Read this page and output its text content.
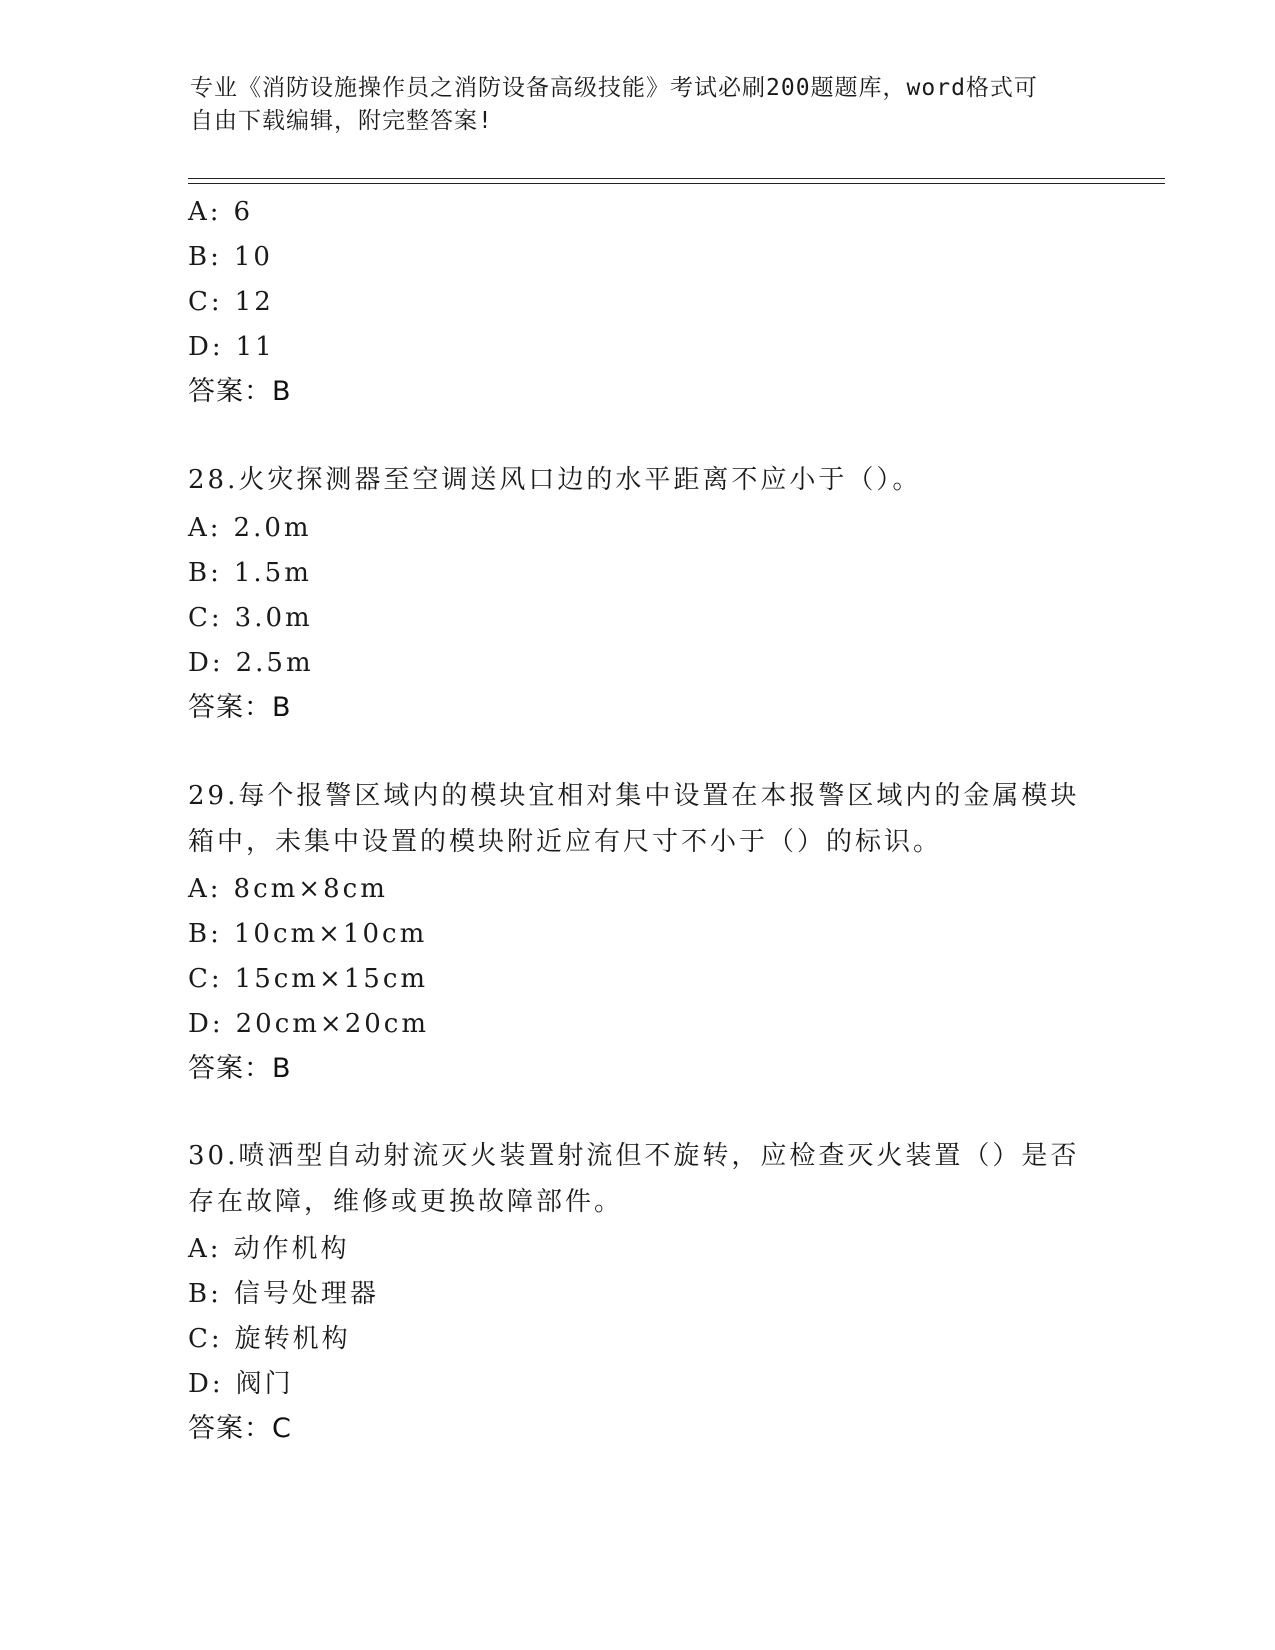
专业《消防设施操作员之消防设备高级技能》考试必刷200题题库，word格式可
自由下载编辑，附完整答案!
A: 6
B: 10
C: 12
D: 11
答案：B
28.火灾探测器至空调送风口边的水平距离不应小于（）。
A: 2.0m
B: 1.5m
C: 3.0m
D: 2.5m
答案：B
29.每个报警区域内的模块宜相对集中设置在本报警区域内的金属模块箱中，未集中设置的模块附近应有尺寸不小于（）的标识。
A: 8cm×8cm
B: 10cm×10cm
C: 15cm×15cm
D: 20cm×20cm
答案：B
30.喷洒型自动射流灭火装置射流但不旋转，应检查灭火装置（）是否存在故障，维修或更换故障部件。
A: 动作机构
B: 信号处理器
C: 旋转机构
D: 阀门
答案：C
